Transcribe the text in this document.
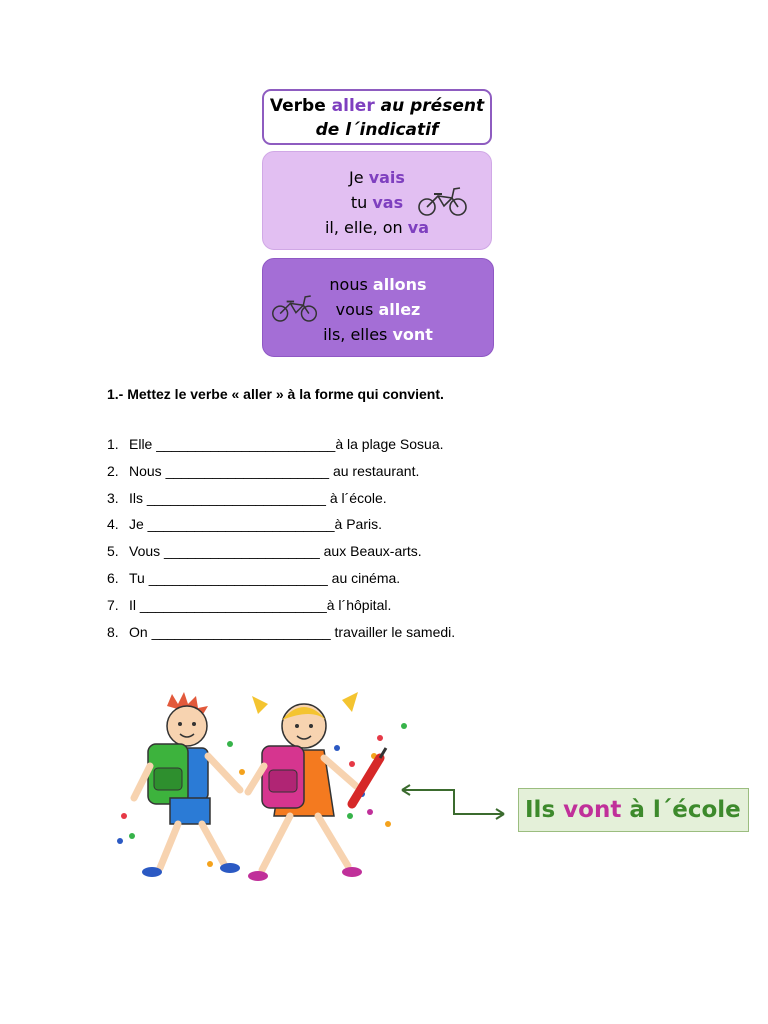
Verbe aller au présent
de l´indicatif
Je vais
tu vas
il, elle, on va
nous allons
vous allez
ils, elles vont
1.- Mettez le verbe « aller » à la forme qui convient.
1. Elle _______________________à la plage Sosua.
2. Nous _____________________ au restaurant.
3. Ils _______________________ à l´école.
4. Je ________________________à Paris.
5. Vous ____________________ aux Beaux-arts.
6. Tu _______________________ au cinéma.
7. Il ________________________à l´hôpital.
8. On _______________________ travailler le samedi.
Ils vont à l´école
